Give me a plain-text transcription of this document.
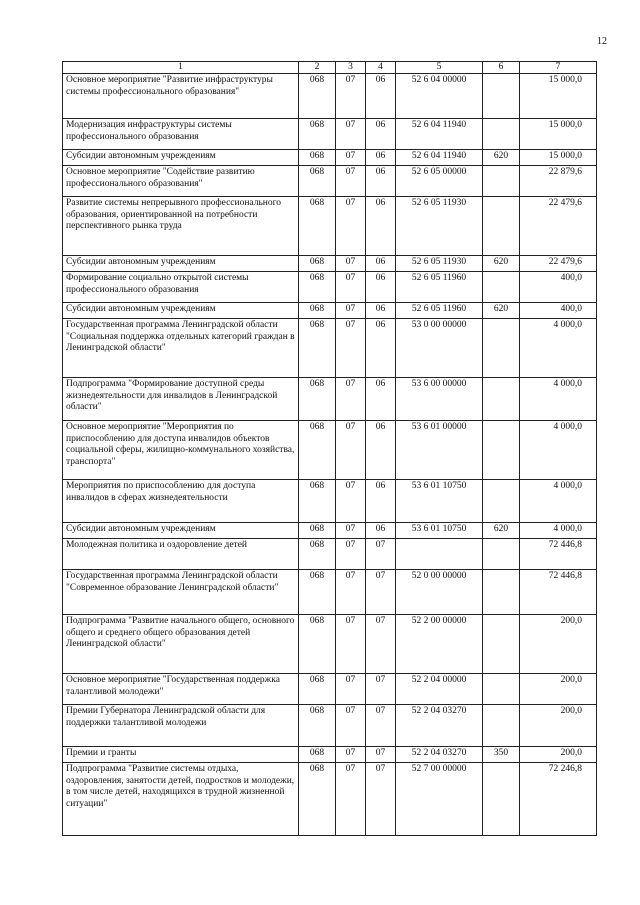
12
1	2	3	4	5	6	7
Основное мероприятие "Развитие инфраструктуры системы профессионального образования"	068	07	06	52 6 04 00000		15 000,0
Модернизация инфраструктуры системы профессионального образования	068	07	06	52 6 04 11940		15 000,0
Субсидии автономным учреждениям	068	07	06	52 6 04 11940	620	15 000,0
Основное мероприятие "Содействие развитию профессионального образования"	068	07	06	52 6 05 00000		22 879,6
Развитие системы непрерывного профессионального образования, ориентированной на потребности перспективного рынка труда	068	07	06	52 6 05 11930		22 479,6
Субсидии автономным учреждениям	068	07	06	52 6 05 11930	620	22 479,6
Формирование социально открытой системы профессионального образования	068	07	06	52 6 05 11960		400,0
Субсидии автономным учреждениям	068	07	06	52 6 05 11960	620	400,0
Государственная программа Ленинградской области "Социальная поддержка отдельных категорий граждан в Ленинградской области"	068	07	06	53 0 00 00000		4 000,0
Подпрограмма "Формирование доступной среды жизнедеятельности для инвалидов в Ленинградской области"	068	07	06	53 6 00 00000		4 000,0
Основное мероприятие "Мероприятия по приспособлению для доступа инвалидов объектов социальной сферы, жилищно-коммунального хозяйства, транспорта"	068	07	06	53 6 01 00000		4 000,0
Мероприятия по приспособлению для доступа инвалидов в сферах жизнедеятельности	068	07	06	53 6 01 10750		4 000,0
Субсидии автономным учреждениям	068	07	06	53 6 01 10750	620	4 000,0
Молодежная политика и оздоровление детей	068	07	07			72 446,8
Государственная программа Ленинградской области "Современное образование Ленинградской области"	068	07	07	52 0 00 00000		72 446,8
Подпрограмма "Развитие начального общего, основного общего и среднего общего образования детей Ленинградской области"	068	07	07	52 2 00 00000		200,0
Основное мероприятие "Государственная поддержка талантливой молодежи"	068	07	07	52 2 04 00000		200,0
Премии Губернатора Ленинградской области для поддержки талантливой молодежи	068	07	07	52 2 04 03270		200,0
Премии и гранты	068	07	07	52 2 04 03270	350	200,0
Подпрограмма "Развитие системы отдыха, оздоровления, занятости детей, подростков и молодежи, в том числе детей, находящихся в трудной жизненной ситуации"	068	07	07	52 7 00 00000		72 246,8
